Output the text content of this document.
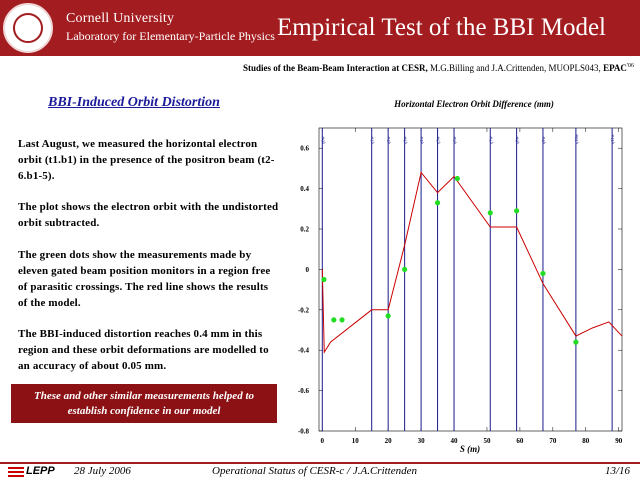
Cornell University
Laboratory for Elementary-Particle Physics Empirical Test of the BBI Model
Studies of the Beam-Beam Interaction at CESR, M.G.Billing and J.A.Crittenden, MUOPLS043, $EPAC^{'06}$
BBI-Induced Orbit Distortion

Last August, we measured the horizontal electron orbit (t1.b1) in the presence of the positron beam (t2-6.b1-5).

The plot shows the electron orbit with the undistorted orbit subtracted.

The green dots show the measurements made by eleven gated beam position monitors in a region free of parasitic crossings. The red line shows the results of the model.

The BBI-induced distortion reaches 0.4 mm in this region and these orbit deformations are modelled to an accuracy of about 0.05 mm.

These and other similar measurements helped to establish confidence in our model
Horizontal Electron Orbit Difference (mm)
0	10	20	30	40	50	60	70	80	90
0.6
0.4
0.2
0
-0.2
-0.4
-0.6
-0.8
q0w	q1w	q2w	q3w	q4w	q5w	q6w	q7w	q8w	q9w	q10w	q11w
S (m)
LEPP 28 July 2006	Operational Status of CESR-c / J.A.Crittenden	13/16
